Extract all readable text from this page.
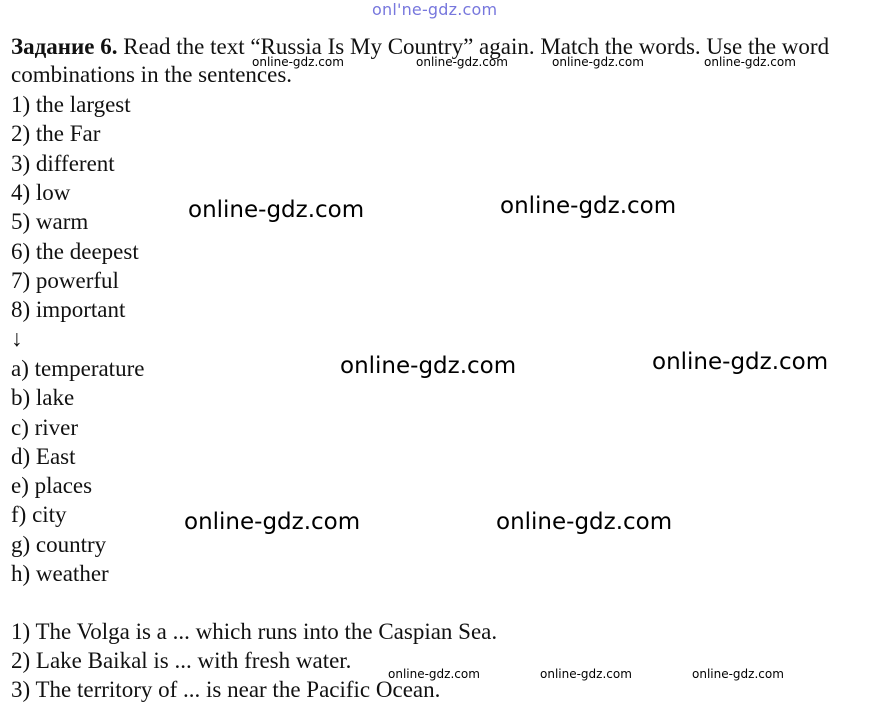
onl'ne-gdz.com
Задание 6. Read the text “Russia Is My Country” again. Match the words. Use the word combinations in the sentences.
1) the largest
2) the Far
3) different
4) low
5) warm
6) the deepest
7) powerful
8) important
↓
a) temperature
b) lake
c) river
d) East
e) places
f) city
g) country
h) weather
1) The Volga is a ... which runs into the Caspian Sea.
2) Lake Baikal is ... with fresh water.
3) The territory of ... is near the Pacific Ocean.
online-gdz.com	online-gdz.com	online-gdz.com	online-gdz.com
online-gdz.com	online-gdz.com
online-gdz.com	online-gdz.com
online-gdz.com	online-gdz.com
online-gdz.com	online-gdz.com	online-gdz.com
